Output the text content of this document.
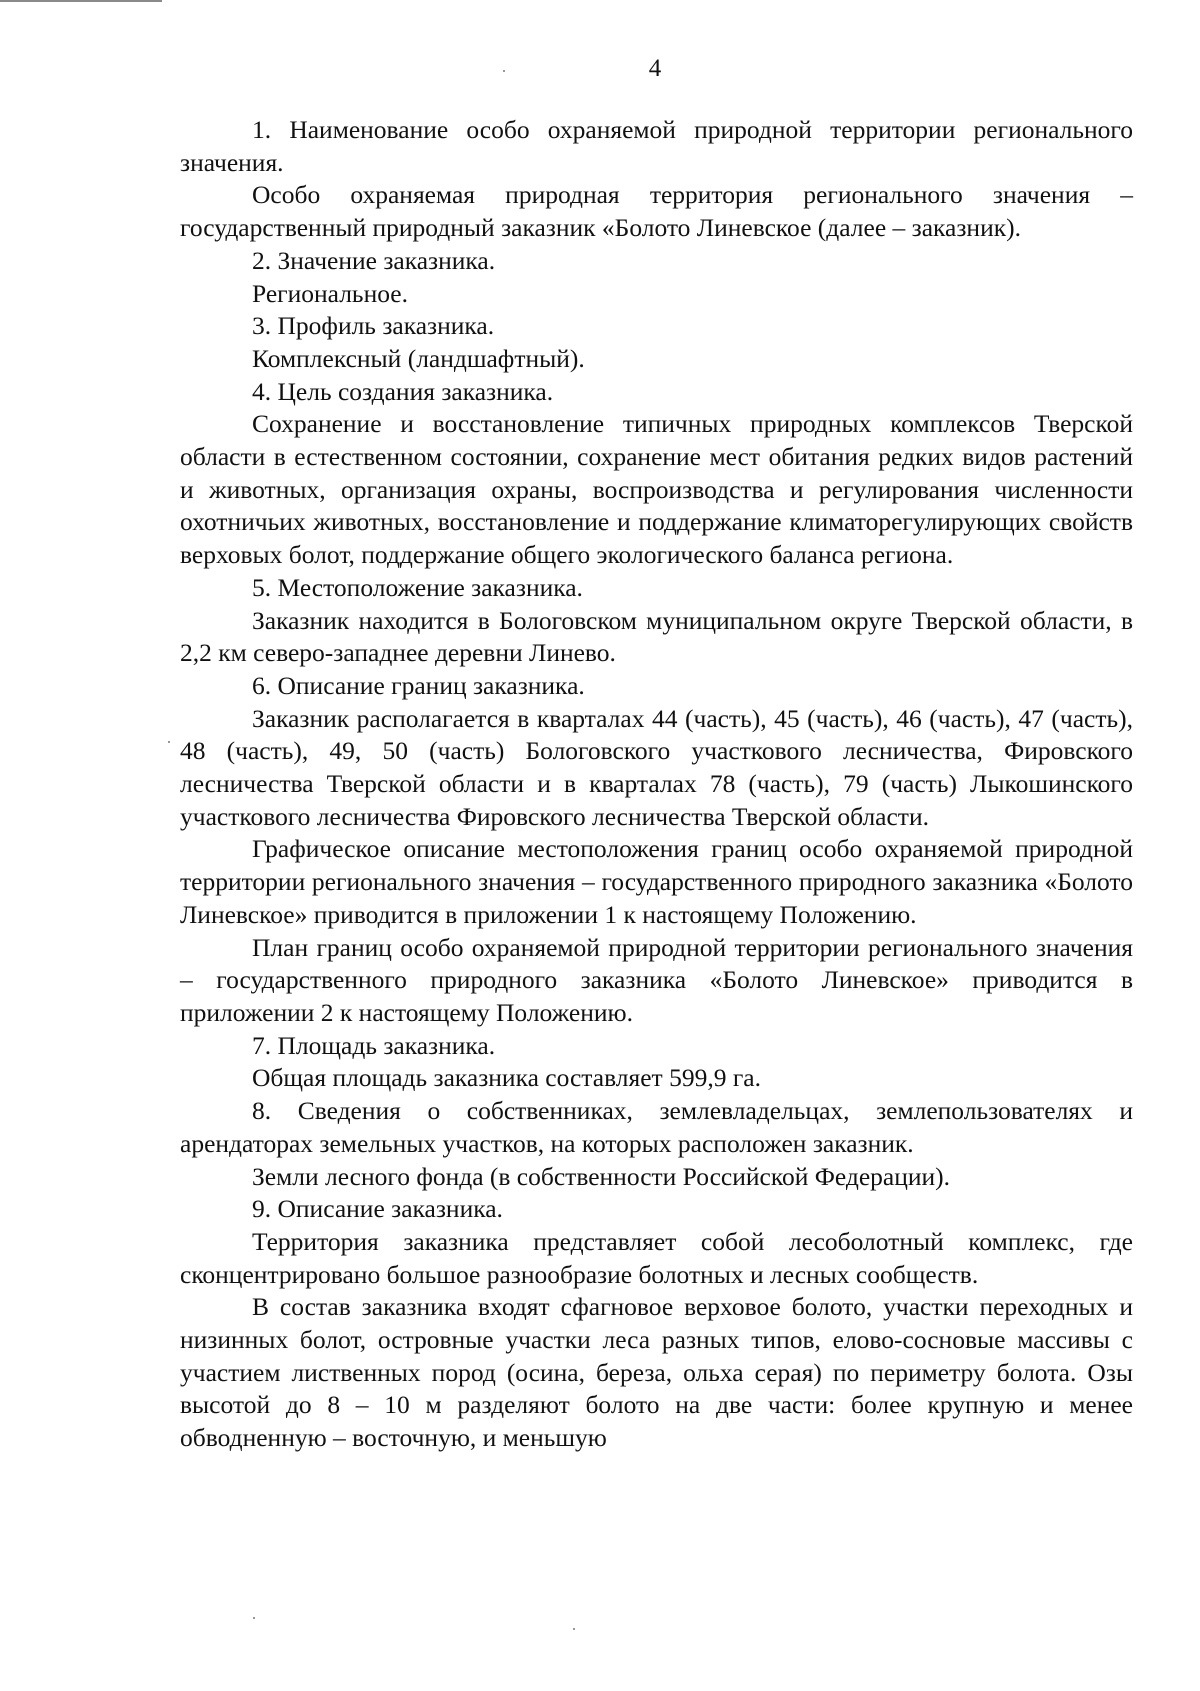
4

1. Наименование особо охраняемой природной территории регионального значения.

Особо охраняемая природная территория регионального значения – государственный природный заказник «Болото Линевское (далее – заказник).

2. Значение заказника.

Региональное.

3. Профиль заказника.

Комплексный (ландшафтный).

4. Цель создания заказника.

Сохранение и восстановление типичных природных комплексов Тверской области в естественном состоянии, сохранение мест обитания редких видов растений и животных, организация охраны, воспроизводства и регулирования численности охотничьих животных, восстановление и поддержание климаторегулирующих свойств верховых болот, поддержание общего экологического баланса региона.

5. Местоположение заказника.

Заказник находится в Бологовском муниципальном округе Тверской области, в 2,2 км северо-западнее деревни Линево.

6. Описание границ заказника.

Заказник располагается в кварталах 44 (часть), 45 (часть), 46 (часть), 47 (часть), 48 (часть), 49, 50 (часть) Бологовского участкового лесничества, Фировского лесничества Тверской области и в кварталах 78 (часть), 79 (часть) Лыкошинского участкового лесничества Фировского лесничества Тверской области.

Графическое описание местоположения границ особо охраняемой природной территории регионального значения – государственного природного заказника «Болото Линевское» приводится в приложении 1 к настоящему Положению.

План границ особо охраняемой природной территории регионального значения – государственного природного заказника «Болото Линевское» приводится в приложении 2 к настоящему Положению.

7. Площадь заказника.

Общая площадь заказника составляет 599,9 га.

8. Сведения о собственниках, землевладельцах, землепользователях и арендаторах земельных участков, на которых расположен заказник.

Земли лесного фонда (в собственности Российской Федерации).

9. Описание заказника.

Территория заказника представляет собой лесоболотный комплекс, где сконцентрировано большое разнообразие болотных и лесных сообществ.

В состав заказника входят сфагновое верховое болото, участки переходных и низинных болот, островные участки леса разных типов, елово-сосновые массивы с участием лиственных пород (осина, береза, ольха серая) по периметру болота. Озы высотой до 8 – 10 м разделяют болото на две части: более крупную и менее обводненную – восточную, и меньшую
